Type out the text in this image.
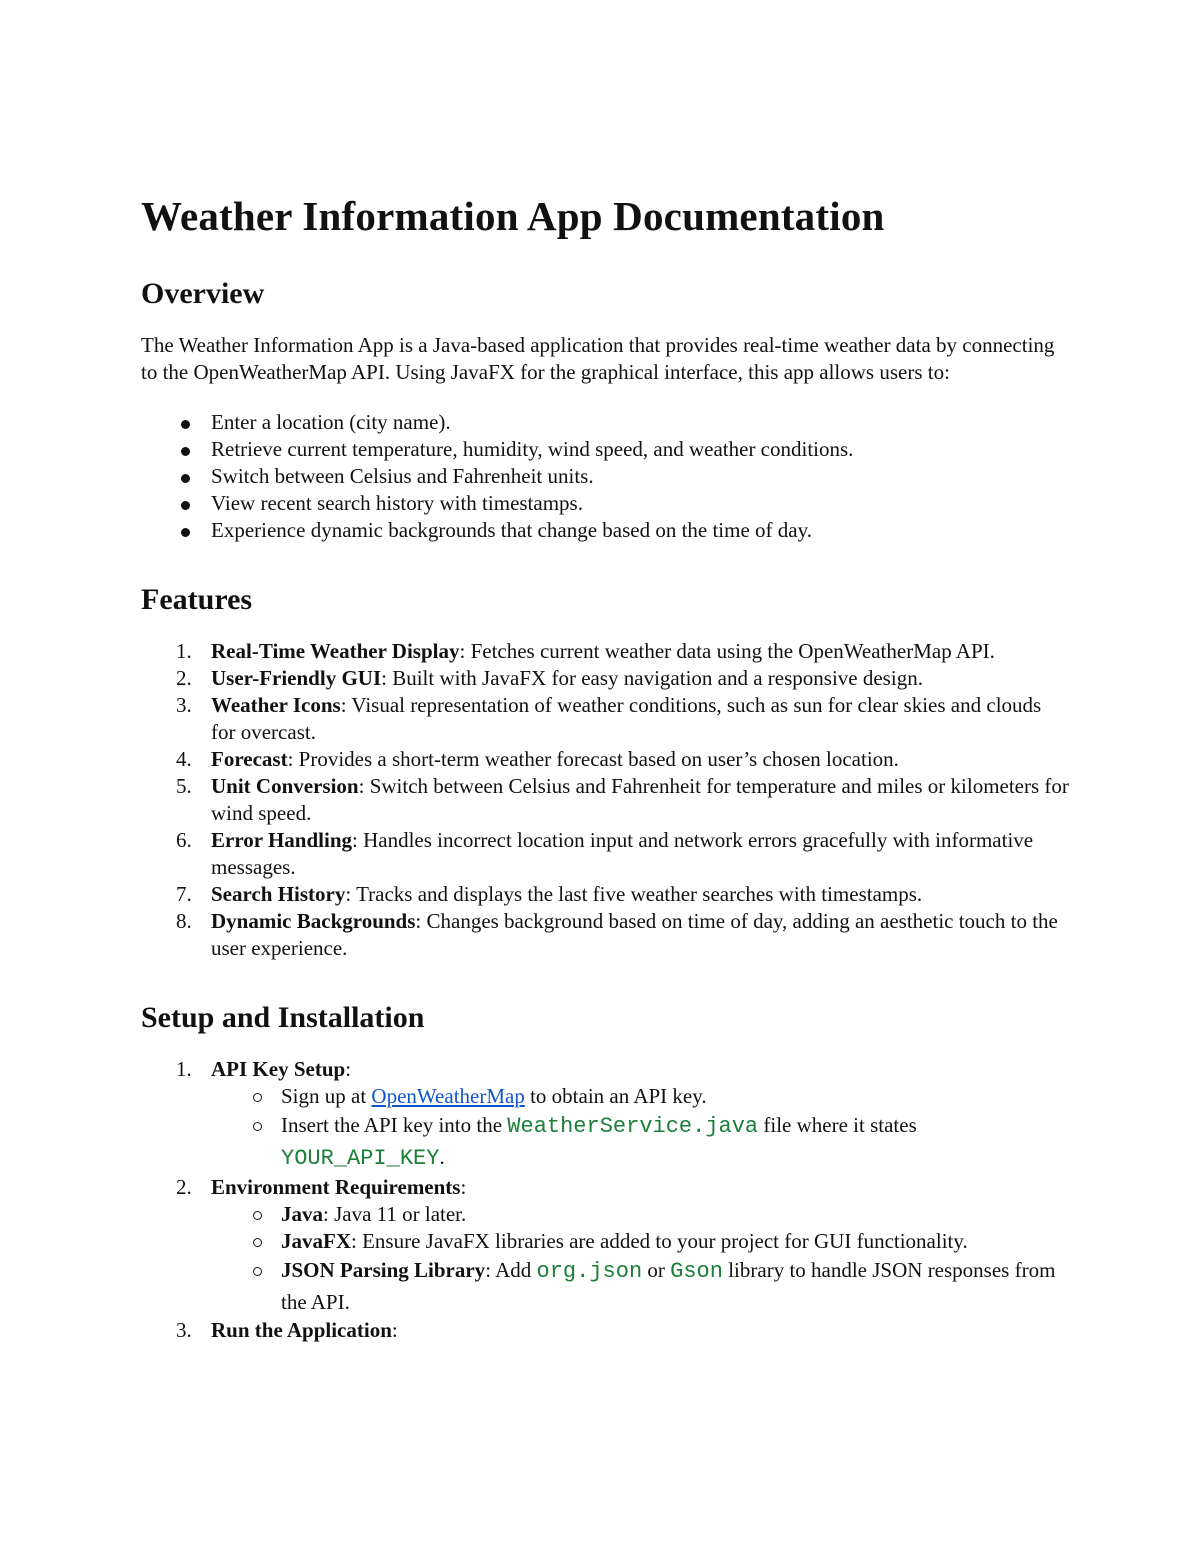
Weather Information App Documentation
Overview

The Weather Information App is a Java-based application that provides real-time weather data by connecting to the OpenWeatherMap API. Using JavaFX for the graphical interface, this app allows users to:

Enter a location (city name).
Retrieve current temperature, humidity, wind speed, and weather conditions.
Switch between Celsius and Fahrenheit units.
View recent search history with timestamps.
Experience dynamic backgrounds that change based on the time of day.
Features
1. Real-Time Weather Display: Fetches current weather data using the OpenWeatherMap API.
2. User-Friendly GUI: Built with JavaFX for easy navigation and a responsive design.
3. Weather Icons: Visual representation of weather conditions, such as sun for clear skies and clouds for overcast.
4. Forecast: Provides a short-term weather forecast based on user’s chosen location.
5. Unit Conversion: Switch between Celsius and Fahrenheit for temperature and miles or kilometers for wind speed.
6. Error Handling: Handles incorrect location input and network errors gracefully with informative messages.
7. Search History: Tracks and displays the last five weather searches with timestamps.
8. Dynamic Backgrounds: Changes background based on time of day, adding an aesthetic touch to the user experience.
Setup and Installation
1. API Key Setup:
Sign up at OpenWeatherMap to obtain an API key.
Insert the API key into the WeatherService.java file where it states YOUR_API_KEY.
2. Environment Requirements:
Java: Java 11 or later.
JavaFX: Ensure JavaFX libraries are added to your project for GUI functionality.
JSON Parsing Library: Add org.json or Gson library to handle JSON responses from the API.
3. Run the Application:
